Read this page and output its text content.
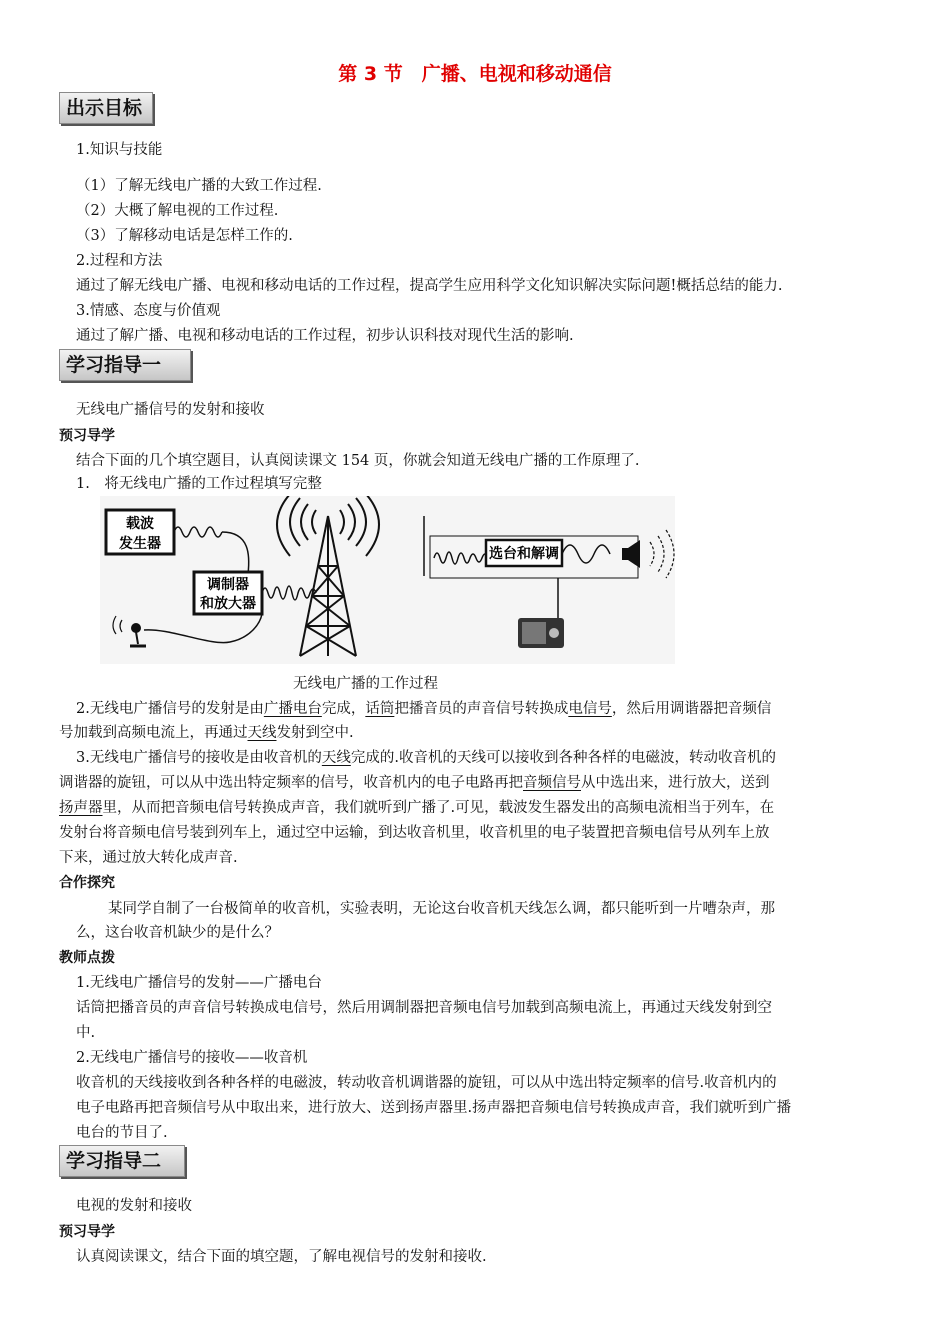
第 3 节　广播、电视和移动通信
出示目标
1.知识与技能
（1）了解无线电广播的大致工作过程.
（2）大概了解电视的工作过程.
（3）了解移动电话是怎样工作的.
2.过程和方法
通过了解无线电广播、电视和移动电话的工作过程，提高学生应用科学文化知识解决实际问题!概括总结的能力.
3.情感、态度与价值观
通过了解广播、电视和移动电话的工作过程，初步认识科技对现代生活的影响.
学习指导一
无线电广播信号的发射和接收
预习导学
结合下面的几个填空题目，认真阅读课文 154 页，你就会知道无线电广播的工作原理了.
1.　将无线电广播的工作过程填写完整
载波
发生器
调制器
和放大器
选台和解调
无线电广播的工作过程
2.无线电广播信号的发射是由广播电台完成，话筒把播音员的声音信号转换成电信号，然后用调谐器把音频信
号加载到高频电流上，再通过天线发射到空中.
3.无线电广播信号的接收是由收音机的天线完成的.收音机的天线可以接收到各种各样的电磁波，转动收音机的
调谐器的旋钮，可以从中选出特定频率的信号，收音机内的电子电路再把音频信号从中选出来，进行放大，送到
扬声器里，从而把音频电信号转换成声音，我们就听到广播了.可见，载波发生器发出的高频电流相当于列车，在
发射台将音频电信号装到列车上，通过空中运输，到达收音机里，收音机里的电子装置把音频电信号从列车上放
下来，通过放大转化成声音.
合作探究
某同学自制了一台极简单的收音机，实验表明，无论这台收音机天线怎么调，都只能听到一片嘈杂声，那
么，这台收音机缺少的是什么？
教师点拨
1.无线电广播信号的发射——广播电台
话筒把播音员的声音信号转换成电信号，然后用调制器把音频电信号加载到高频电流上，再通过天线发射到空
中.
2.无线电广播信号的接收——收音机
收音机的天线接收到各种各样的电磁波，转动收音机调谐器的旋钮，可以从中选出特定频率的信号.收音机内的
电子电路再把音频信号从中取出来，进行放大、送到扬声器里.扬声器把音频电信号转换成声音，我们就听到广播
电台的节目了.
学习指导二
电视的发射和接收
预习导学
认真阅读课文，结合下面的填空题，了解电视信号的发射和接收.
